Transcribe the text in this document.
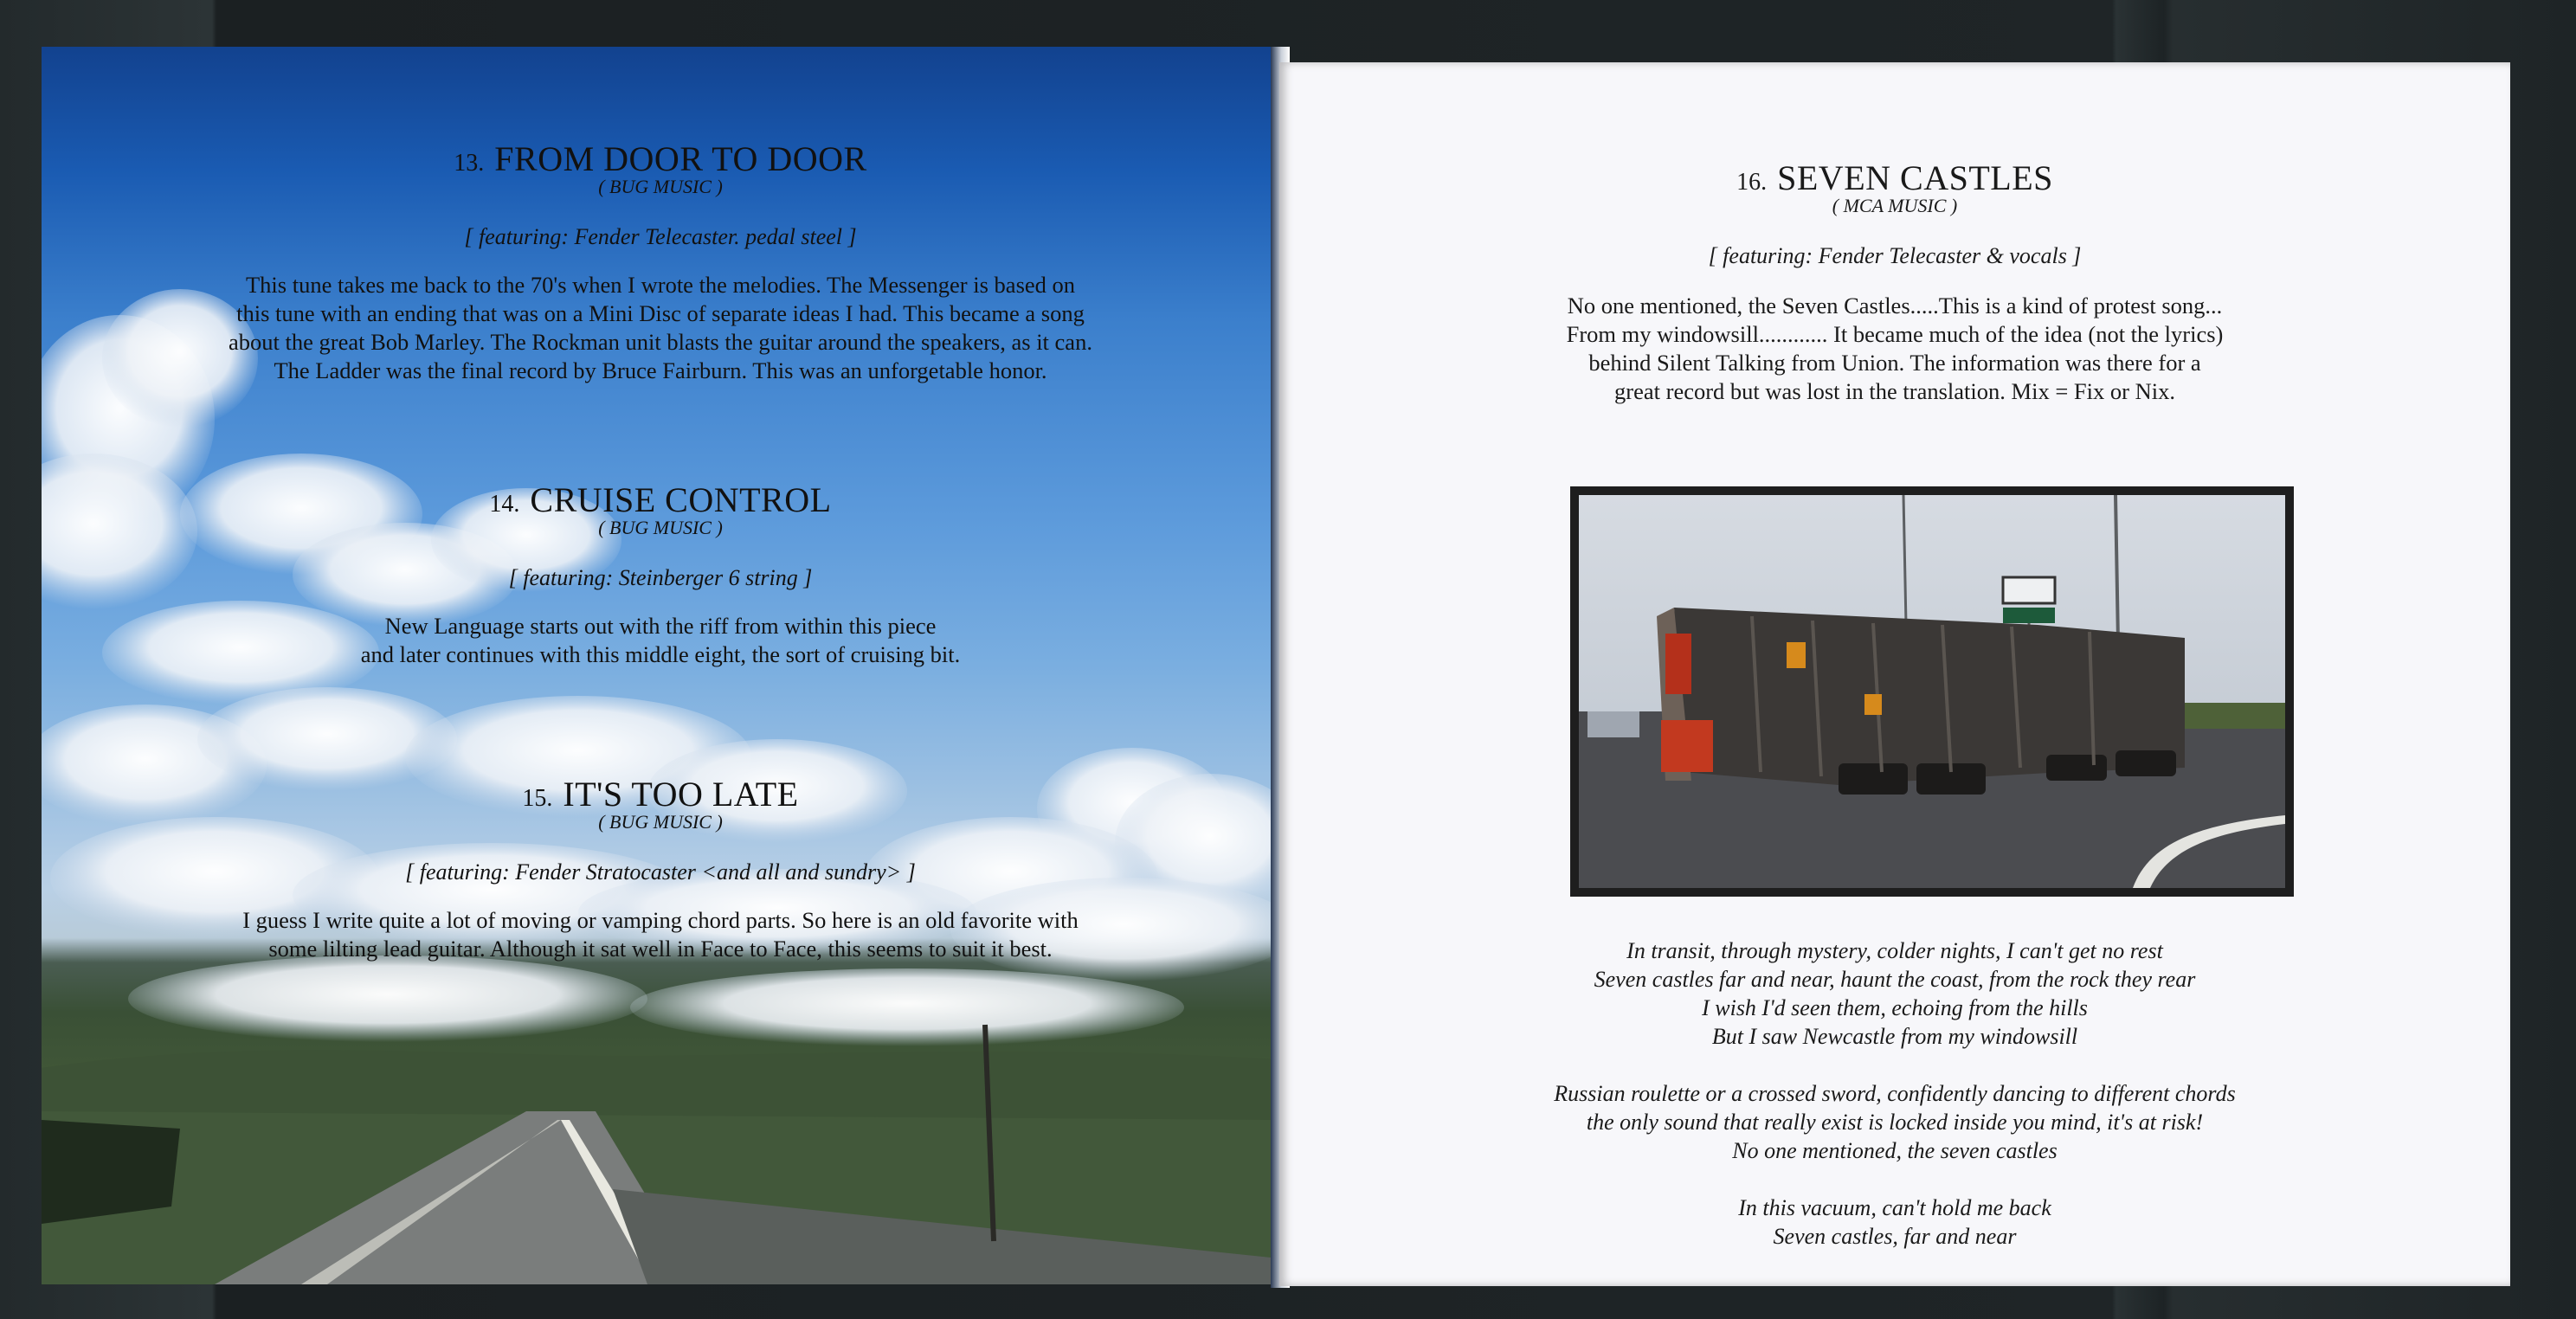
13. FROM DOOR TO DOOR
( BUG MUSIC )
[ featuring: Fender Telecaster. pedal steel ]
This tune takes me back to the 70's when I wrote the melodies. The Messenger is based on
this tune with an ending that was on a Mini Disc of separate ideas I had. This became a song
about the great Bob Marley. The Rockman unit blasts the guitar around the speakers, as it can.
The Ladder was the final record by Bruce Fairburn. This was an unforgetable honor.
14. CRUISE CONTROL
( BUG MUSIC )
[ featuring: Steinberger 6 string ]
New Language starts out with the riff from within this piece
and later continues with this middle eight, the sort of cruising bit.
15. IT'S TOO LATE
( BUG MUSIC )
[ featuring: Fender Stratocaster <and all and sundry> ]
I guess I write quite a lot of moving or vamping chord parts. So here is an old favorite with
some lilting lead guitar. Although it sat well in Face to Face, this seems to suit it best.
16. SEVEN CASTLES
( MCA MUSIC )
[ featuring: Fender Telecaster & vocals ]
No one mentioned, the Seven Castles.....This is a kind of protest song...
From my windowsill............ It became much of the idea (not the lyrics)
behind Silent Talking from Union. The information was there for a
great record but was lost in the translation. Mix = Fix or Nix.
In transit, through mystery, colder nights, I can't get no rest
Seven castles far and near, haunt the coast, from the rock they rear
I wish I'd seen them, echoing from the hills
But I saw Newcastle from my windowsill
Russian roulette or a crossed sword, confidently dancing to different chords
the only sound that really exist is locked inside you mind, it's at risk!
No one mentioned, the seven castles
In this vacuum, can't hold me back
Seven castles, far and near
